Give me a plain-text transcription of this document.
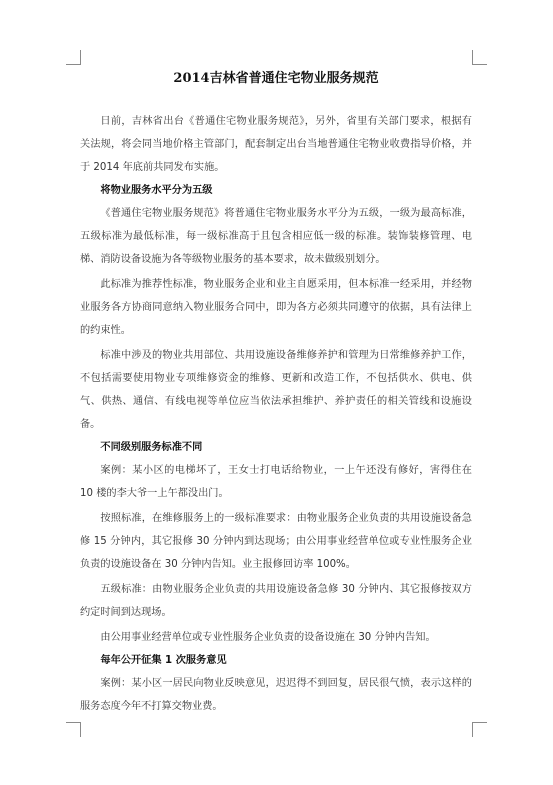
2014吉林省普通住宅物业服务规范

日前，吉林省出台《普通住宅物业服务规范》，另外，省里有关部门要求，根据有关法规，将会同当地价格主管部门，配套制定出台当地普通住宅物业收费指导价格，并于 2014 年底前共同发布实施。

将物业服务水平分为五级

《普通住宅物业服务规范》将普通住宅物业服务水平分为五级，一级为最高标准，五级标准为最低标准，每一级标准高于且包含相应低一级的标准。装饰装修管理、电梯、消防设备设施为各等级物业服务的基本要求，故未做级别划分。

此标准为推荐性标准，物业服务企业和业主自愿采用，但本标准一经采用，并经物业服务各方协商同意纳入物业服务合同中，即为各方必须共同遵守的依据，具有法律上的约束性。

标准中涉及的物业共用部位、共用设施设备维修养护和管理为日常维修养护工作，不包括需要使用物业专项维修资金的维修、更新和改造工作，不包括供水、供电、供气、供热、通信、有线电视等单位应当依法承担维护、养护责任的相关管线和设施设备。

不同级别服务标准不同

案例：某小区的电梯坏了，王女士打电话给物业，一上午还没有修好，害得住在 10 楼的李大爷一上午都没出门。

按照标准，在维修服务上的一级标准要求：由物业服务企业负责的共用设施设备急修 15 分钟内，其它报修 30 分钟内到达现场；由公用事业经营单位或专业性服务企业负责的设施设备在 30 分钟内告知。业主报修回访率 100%。

五级标准：由物业服务企业负责的共用设施设备急修 30 分钟内、其它报修按双方约定时间到达现场。

由公用事业经营单位或专业性服务企业负责的设备设施在 30 分钟内告知。

每年公开征集 1 次服务意见

案例：某小区一居民向物业反映意见，迟迟得不到回复，居民很气愤，表示这样的服务态度今年不打算交物业费。
